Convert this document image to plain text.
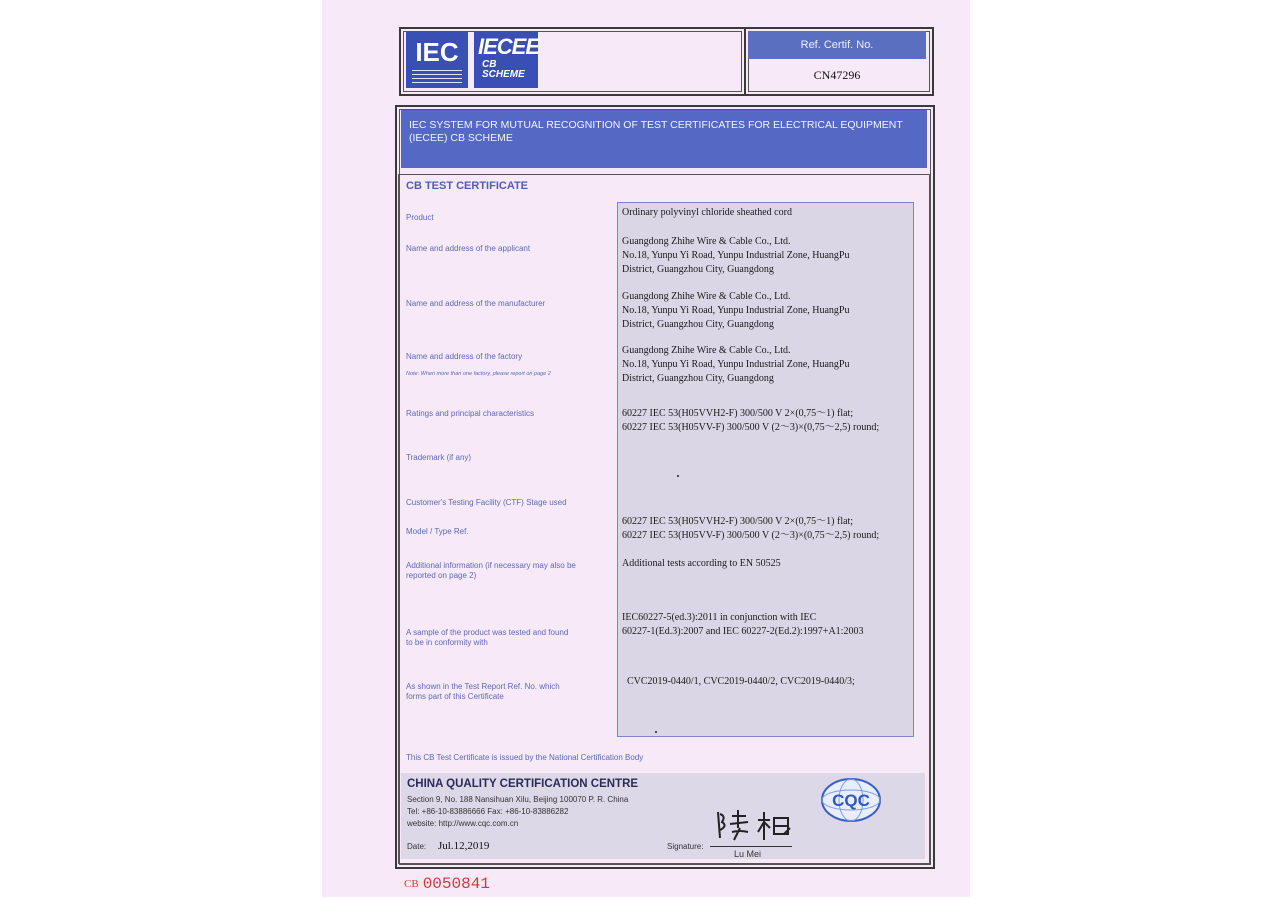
IEC IECEE
CB
SCHEME
Ref. Certif. No.
CN47296
IEC SYSTEM FOR MUTUAL RECOGNITION OF TEST CERTIFICATES FOR ELECTRICAL EQUIPMENT (IECEE) CB SCHEME
CB TEST CERTIFICATE
Product
Name and address of the applicant
Name and address of the manufacturer
Name and address of the factory
Note: When more than one factory, please report on page 2
Ratings and principal characteristics
Trademark (if any)
Customer's Testing Facility (CTF) Stage used
Model / Type Ref.
Additional information (if necessary may also be
reported on page 2)
A sample of the product was tested and found
to be in conformity with
As shown in the Test Report Ref. No. which
forms part of this Certificate
Ordinary polyvinyl chloride sheathed cord
Guangdong Zhihe Wire & Cable Co., Ltd.
No.18, Yunpu Yi Road, Yunpu Industrial Zone, HuangPu
District, Guangzhou City, Guangdong
Guangdong Zhihe Wire & Cable Co., Ltd.
No.18, Yunpu Yi Road, Yunpu Industrial Zone, HuangPu
District, Guangzhou City, Guangdong
Guangdong Zhihe Wire & Cable Co., Ltd.
No.18, Yunpu Yi Road, Yunpu Industrial Zone, HuangPu
District, Guangzhou City, Guangdong
60227 IEC 53(H05VVH2-F) 300/500 V 2×(0,75～1) flat;
60227 IEC 53(H05VV-F) 300/500 V (2～3)×(0,75～2,5) round;
60227 IEC 53(H05VVH2-F) 300/500 V 2×(0,75～1) flat;
60227 IEC 53(H05VV-F) 300/500 V (2～3)×(0,75～2,5) round;
Additional tests according to EN 50525
IEC60227-5(ed.3):2011 in conjunction with IEC
60227-1(Ed.3):2007 and IEC 60227-2(Ed.2):1997+A1:2003
CVC2019-0440/1, CVC2019-0440/2, CVC2019-0440/3;
This CB Test Certificate is issued by the National Certification Body
CHINA QUALITY CERTIFICATION CENTRE
Section 9, No. 188 Nansihuan Xilu, Beijing 100070 P. R. China
Tel: +86-10-83886666 Fax: +86-10-83886282
website: http://www.cqc.com.cn
Date: Jul.12,2019	Signature:
Lu Mei
CQC
CB 0050841
